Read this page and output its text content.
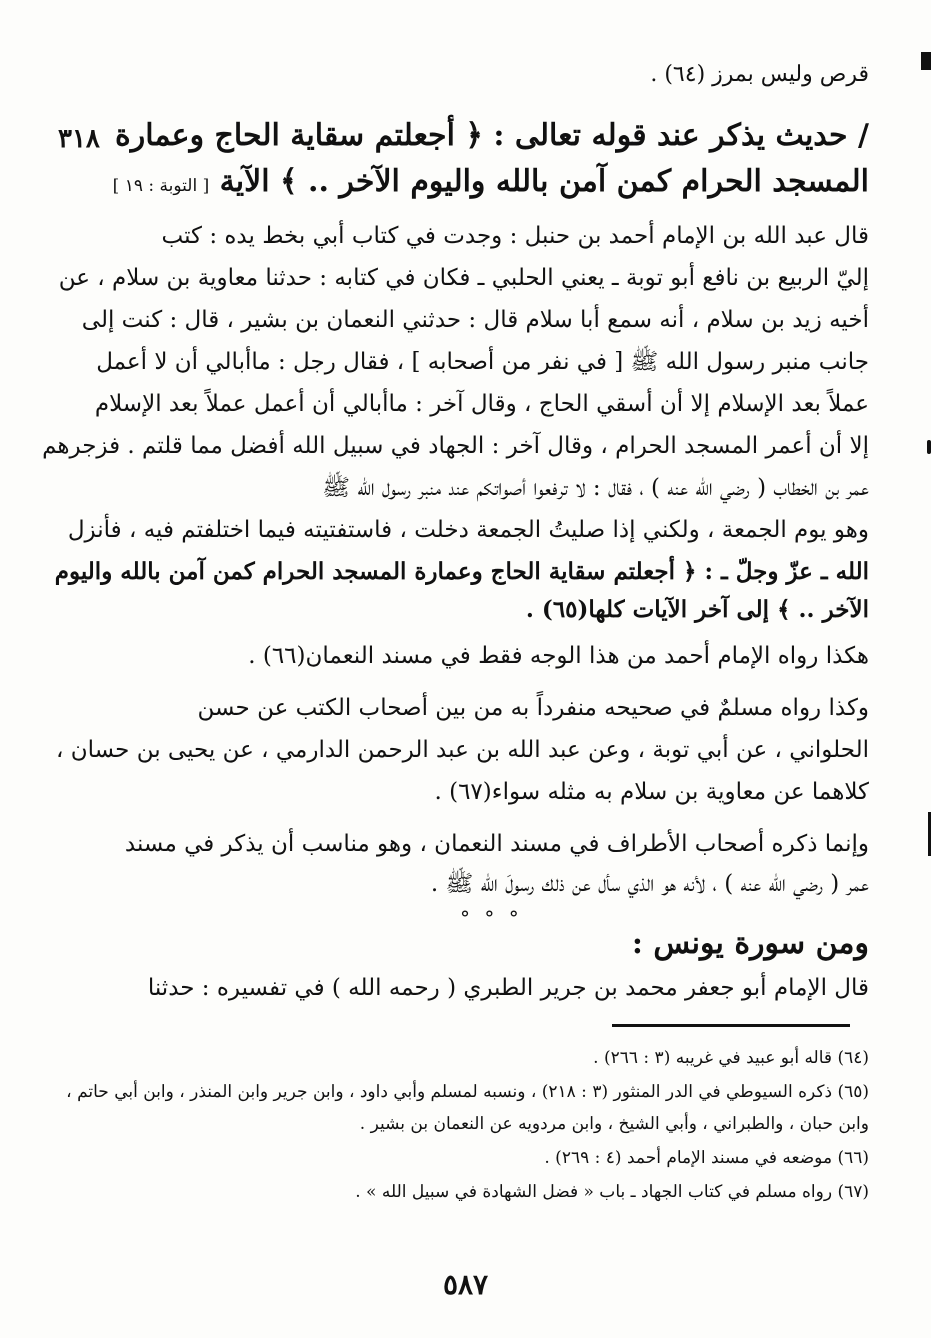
قرص وليس بمرز (٦٤) .
٣١٨ / حديث يذكر عند قوله تعالى : ﴿ أجعلتم سقاية الحاج وعمارة
المسجد الحرام كمن آمن بالله واليوم الآخر .. ﴾ الآية [ التوبة : ١٩ ]
قال عبد الله بن الإمام أحمد بن حنبل : وجدت في كتاب أبي بخط يده : كتب
إليّ الربيع بن نافع أبو توبة ـ يعني الحلبي ـ فكان في كتابه : حدثنا معاوية بن سلام ، عن
أخيه زيد بن سلام ، أنه سمع أبا سلام قال : حدثني النعمان بن بشير ، قال : كنت إلى
جانب منبر رسول الله ﷺ [ في نفر من أصحابه ] ، فقال رجل : ماأبالي أن لا أعمل
عملاً بعد الإسلام إلا أن أسقي الحاج ، وقال آخر : ماأبالي أن أعمل عملاً بعد الإسلام
إلا أن أعمر المسجد الحرام ، وقال آخر : الجهاد في سبيل الله أفضل مما قلتم . فزجرهم
عمر بن الخطاب ( رضي الله عنه ) ، فقال : لا ترفعوا أصواتكم عند منبر رسول الله ﷺ
وهو يوم الجمعة ، ولكني إذا صليتُ الجمعة دخلت ، فاستفتيته فيما اختلفتم فيه ، فأنزل
الله ـ عزّ وجلّ ـ : ﴿ أجعلتم سقاية الحاج وعمارة المسجد الحرام كمن آمن بالله واليوم
الآخر .. ﴾ إلى آخر الآيات كلها(٦٥) .
هكذا رواه الإمام أحمد من هذا الوجه فقط في مسند النعمان(٦٦) .
وكذا رواه مسلمٌ في صحيحه منفرداً به من بين أصحاب الكتب عن حسن
الحلواني ، عن أبي توبة ، وعن عبد الله بن عبد الرحمن الدارمي ، عن يحيى بن حسان ،
كلاهما عن معاوية بن سلام به مثله سواء(٦٧) .
وإنما ذكره أصحاب الأطراف في مسند النعمان ، وهو مناسب أن يذكر في مسند
عمر ( رضي الله عنه ) ، لأنه هو الذي سأل عن ذلك رسولَ الله ﷺ .
° ° °
ومن سورة يونس :
قال الإمام أبو جعفر محمد بن جرير الطبري ( رحمه الله ) في تفسيره : حدثنا
(٦٤) قاله أبو عبيد في غريبه (٣ : ٢٦٦) .
(٦٥) ذكره السيوطي في الدر المنثور (٣ : ٢١٨) ، ونسبه لمسلم وأبي داود ، وابن جرير وابن المنذر ، وابن أبي حاتم ،
وابن حبان ، والطبراني ، وأبي الشيخ ، وابن مردويه عن النعمان بن بشير .
(٦٦) موضعه في مسند الإمام أحمد (٤ : ٢٦٩) .
(٦٧) رواه مسلم في كتاب الجهاد ـ باب « فضل الشهادة في سبيل الله » .
٥٨٧
